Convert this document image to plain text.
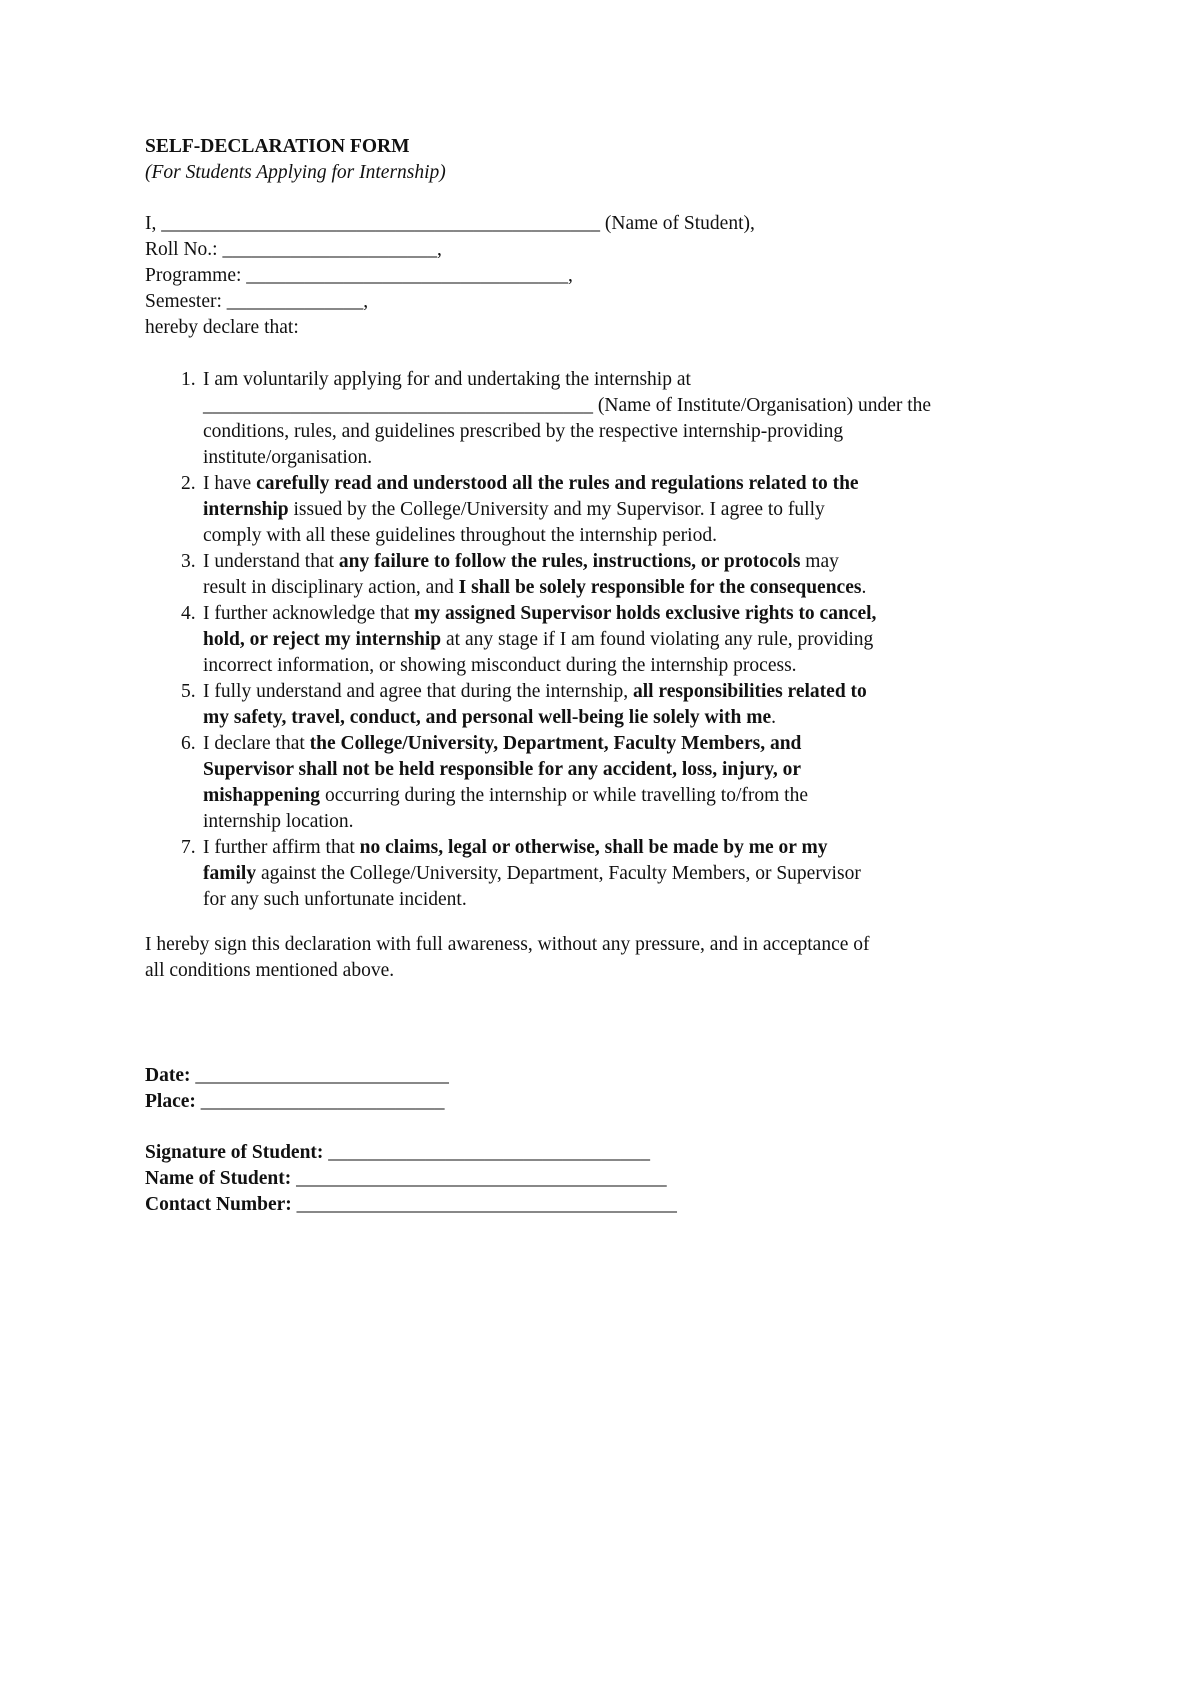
SELF-DECLARATION FORM
(For Students Applying for Internship)
I, _____________________________________________ (Name of Student),
Roll No.: ______________________,
Programme: _________________________________,
Semester: ______________,
hereby declare that:
1. I am voluntarily applying for and undertaking the internship at
________________________________________ (Name of Institute/Organisation) under the
conditions, rules, and guidelines prescribed by the respective internship-providing
institute/organisation.
2. I have carefully read and understood all the rules and regulations related to the
internship issued by the College/University and my Supervisor. I agree to fully
comply with all these guidelines throughout the internship period.
3. I understand that any failure to follow the rules, instructions, or protocols may
result in disciplinary action, and I shall be solely responsible for the consequences.
4. I further acknowledge that my assigned Supervisor holds exclusive rights to cancel,
hold, or reject my internship at any stage if I am found violating any rule, providing
incorrect information, or showing misconduct during the internship process.
5. I fully understand and agree that during the internship, all responsibilities related to
my safety, travel, conduct, and personal well-being lie solely with me.
6. I declare that the College/University, Department, Faculty Members, and
Supervisor shall not be held responsible for any accident, loss, injury, or
mishappening occurring during the internship or while travelling to/from the
internship location.
7. I further affirm that no claims, legal or otherwise, shall be made by me or my
family against the College/University, Department, Faculty Members, or Supervisor
for any such unfortunate incident.
I hereby sign this declaration with full awareness, without any pressure, and in acceptance of
all conditions mentioned above.
Date: __________________________
Place: _________________________
Signature of Student: _________________________________
Name of Student: ______________________________________
Contact Number: _______________________________________
